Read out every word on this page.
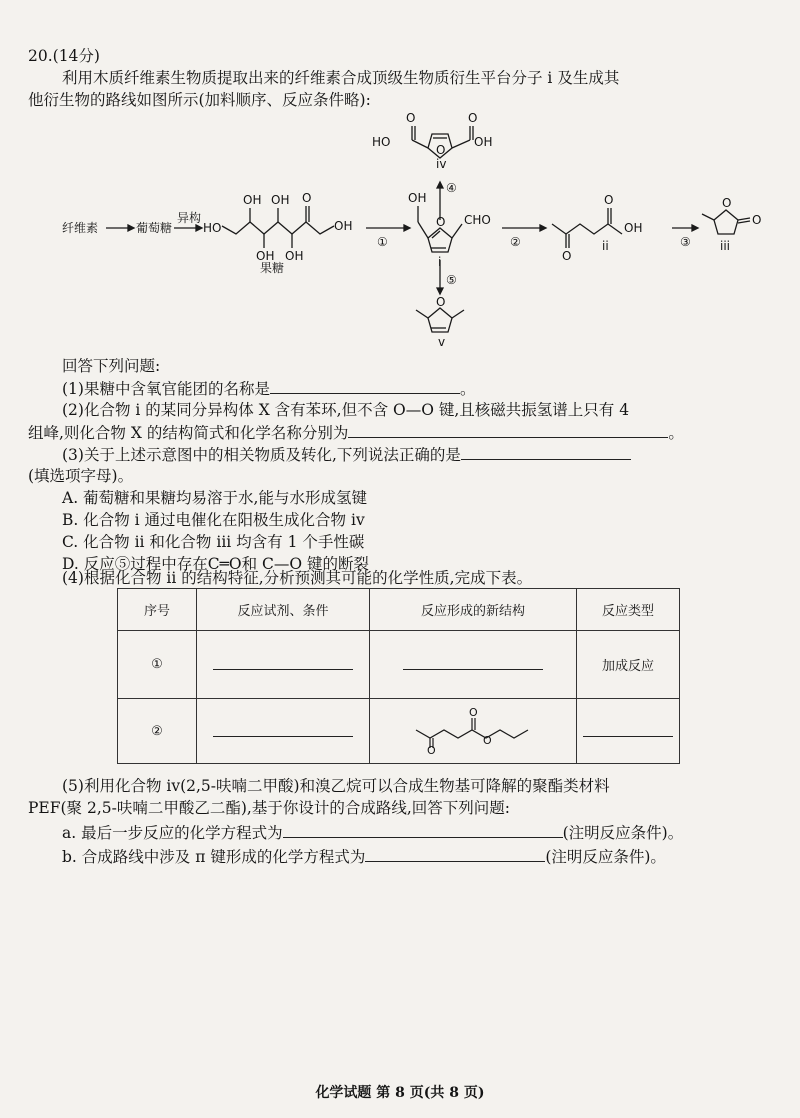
20.(14分)
利用木质纤维素生物质提取出来的纤维素合成顶级生物质衍生平台分子 i 及生成其
他衍生物的路线如图所示(加料顺序、反应条件略):
纤维素	葡萄糖
异构
HO
OH
OH
OH
OH
O
OH
果糖
①
OH
O CHO
i
④
iv
O
O	O
HO	OH
⑤
O
v
②
O
O
OH
ii	③
O
O
iii
回答下列问题:
(1)果糖中含氧官能团的名称是	。
(2)化合物 i 的某同分异构体 X 含有苯环,但不含 O—O 键,且核磁共振氢谱上只有 4
组峰,则化合物 X 的结构简式和化学名称分别为	。
(3)关于上述示意图中的相关物质及转化,下列说法正确的是
(填选项字母)。
A. 葡萄糖和果糖均易溶于水,能与水形成氢键
B. 化合物 i 通过电催化在阳极生成化合物 iv
C. 化合物 ii 和化合物 iii 均含有 1 个手性碳
D. 反应⑤过程中存在C═O和 C—O 键的断裂
(4)根据化合物 ii 的结构特征,分析预测其可能的化学性质,完成下表。
序号	反应试剂、条件	反应形成的新结构	反应类型
①			加成反应
②		O
O
O	

(5)利用化合物 iv(2,5-呋喃二甲酸)和溴乙烷可以合成生物基可降解的聚酯类材料
PEF(聚 2,5-呋喃二甲酸乙二酯),基于你设计的合成路线,回答下列问题:
a. 最后一步反应的化学方程式为	(注明反应条件)。
b. 合成路线中涉及 π 键形成的化学方程式为	(注明反应条件)。
化学试题 第 8 页(共 8 页)
